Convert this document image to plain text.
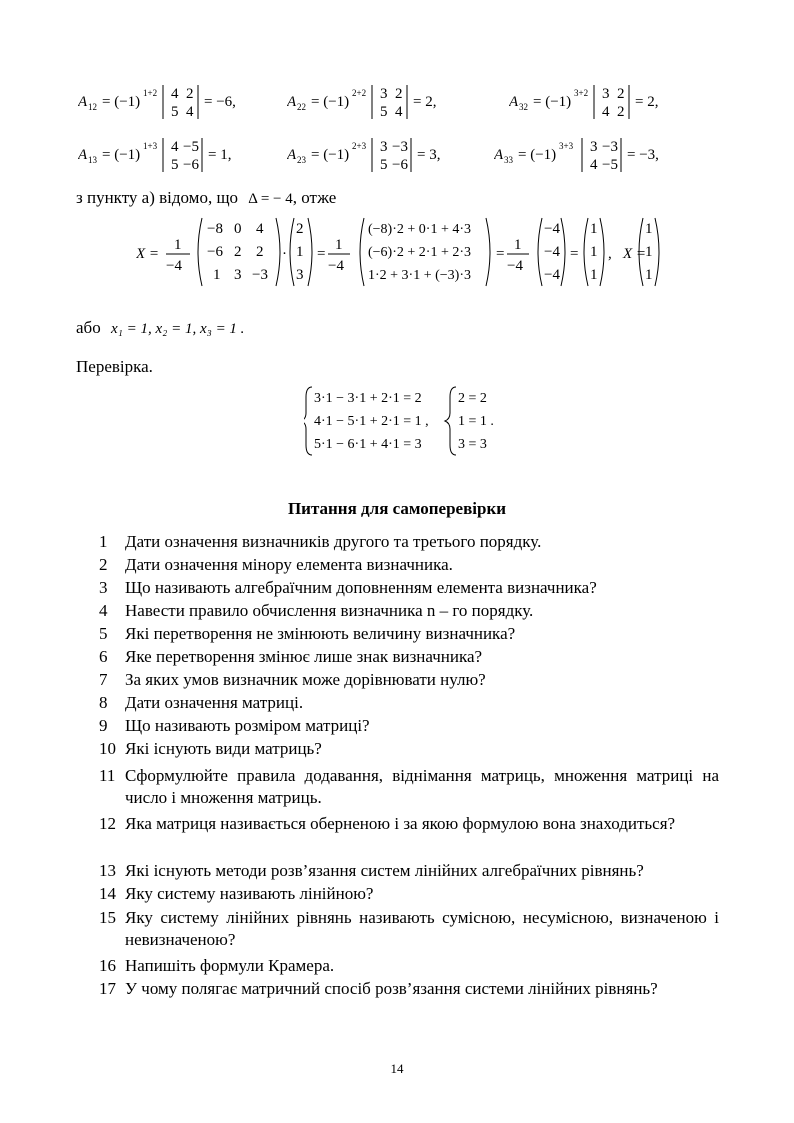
A 12 = (−1)
1+2 4 2
5 4
= −6,	A 22 = (−1)
2+2 3 2
5 4
= 2,	A 32 = (−1)
3+2 3 2
4 2
= 2,
A 13 = (−1)
1+3 4 −5
5 −6
= 1,	A 23 = (−1)
2+3 3 −3
5 −6
= 3,	A 33 = (−1)
3+3 3 −3
4 −5
= −3,
з пункту а) відомо, що Δ = − 4, отже
X =
1
−4
−8 0 4
−6 2 2
1 3 −3
·
2
1
3
=
1
−4
(−8)·2 + 0·1 + 4·3
(−6)·2 + 2·1 + 2·3
1·2 + 3·1 + (−3)·3
=
1
−4
−4
−4
−4
=
1
1
1
, X =
1
1
1
або x₁ = 1, x₂ = 1, x₃ = 1 .
Перевірка.
3·1 − 3·1 + 2·1 = 2
4·1 − 5·1 + 2·1 = 1 ,
5·1 − 6·1 + 4·1 = 3
2 = 2
1 = 1 .
3 = 3
Питання для самоперевірки
1	Дати означення визначників другого та третього порядку.
2	Дати означення мінору елемента визначника.
3	Що називають алгебраїчним доповненням елемента визначника?
4	Навести правило обчислення визначника n – го порядку.
5	Які перетворення не змінюють величину визначника?
6	Яке перетворення змінює лише знак визначника?
7	За яких умов визначник може дорівнювати нулю?
8	Дати означення матриці.
9	Що називають розміром матриці?
10 Які існують види матриць?
11 Сформулюйте правила додавання, віднімання матриць, множення матриці на число і множення матриць.
12 Яка матриця називається оберненою і за якою формулою вона знаходиться?
13 Які існують методи розв’язання систем лінійних алгебраїчних рівнянь?
14 Яку систему називають лінійною?
15 Яку систему лінійних рівнянь називають сумісною, несумісною, визначеною і невизначеною?
16 Напишіть формули Крамера.
17 У чому полягає матричний спосіб розв’язання системи лінійних рівнянь?
14
